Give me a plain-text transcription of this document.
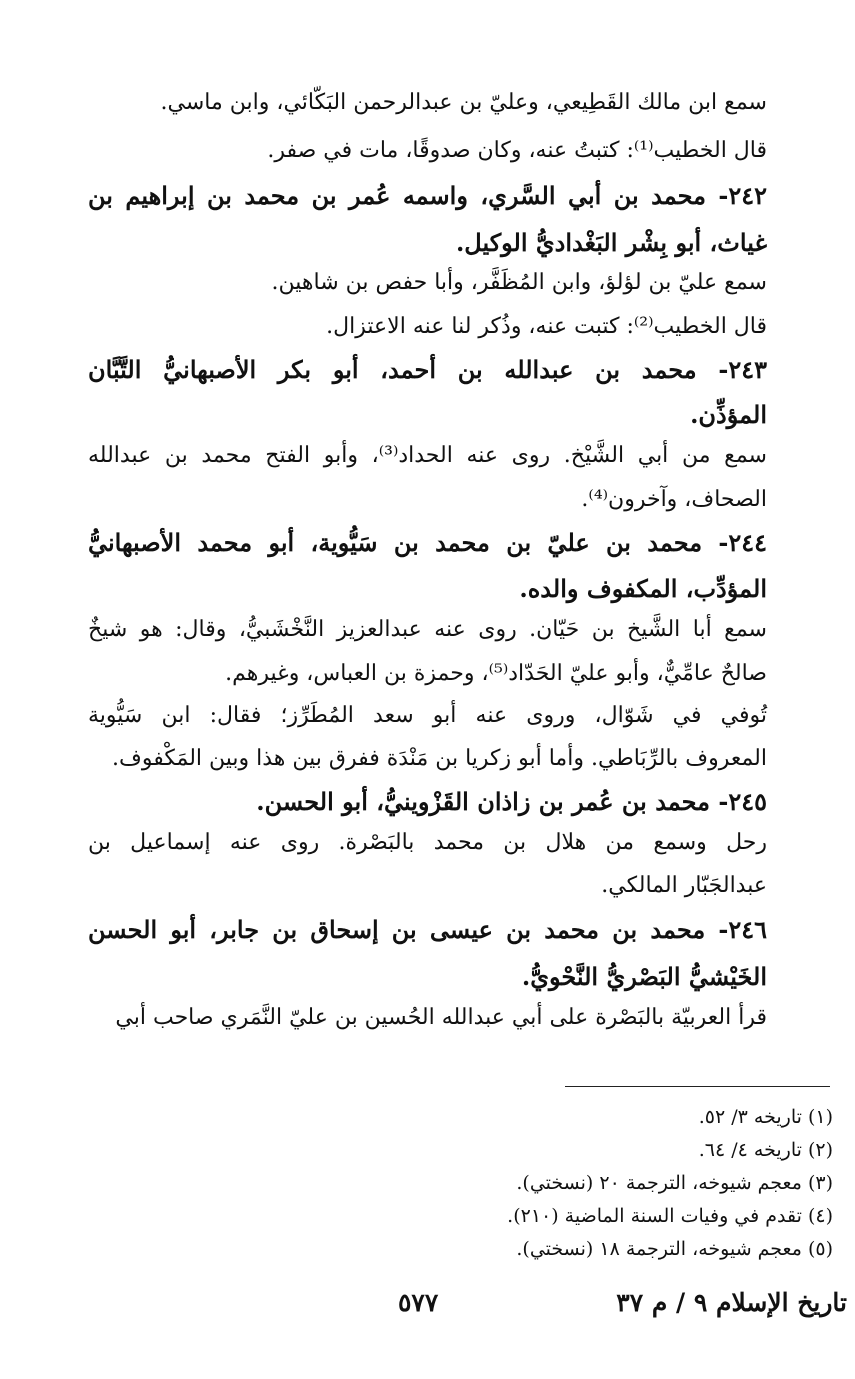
سمع ابن مالك القَطِيعي، وعليّ بن عبدالرحمن البَكّائي، وابن ماسي.
قال الخطيب⁽¹⁾: كتبتُ عنه، وكان صدوقًا، مات في صفر.
٢٤٢- محمد بن أبي السَّري، واسمه عُمر بن محمد بن إبراهيم بن
غياث، أبو بِشْر البَغْداديُّ الوكيل.
سمع عليّ بن لؤلؤ، وابن المُظَفَّر، وأبا حفص بن شاهين.
قال الخطيب⁽²⁾: كتبت عنه، وذُكر لنا عنه الاعتزال.
٢٤٣- محمد بن عبدالله بن أحمد، أبو بكر الأصبهانيُّ التَّبَّان
المؤذِّن.
سمع من أبي الشَّيْخ. روى عنه الحداد⁽³⁾، وأبو الفتح محمد بن عبدالله
الصحاف، وآخرون⁽⁴⁾.
٢٤٤- محمد بن عليّ بن محمد بن سَيُّوية، أبو محمد الأصبهانيُّ
المؤدِّب، المكفوف والده.
سمع أبا الشَّيخ بن حَيّان. روى عنه عبدالعزيز النَّخْشَبيُّ، وقال: هو شيخٌ
صالحٌ عامِّيٌّ، وأبو عليّ الحَدّاد⁽⁵⁾، وحمزة بن العباس، وغيرهم.
تُوفي في شَوّال، وروى عنه أبو سعد المُطَرِّز؛ فقال: ابن سَيُّوية
المعروف بالرِّبَاطي. وأما أبو زكريا بن مَنْدَة ففرق بين هذا وبين المَكْفوف.
٢٤٥- محمد بن عُمر بن زاذان القَزْوينيُّ، أبو الحسن.
رحل وسمع من هلال بن محمد بالبَصْرة. روى عنه إسماعيل بن
عبدالجَبّار المالكي.
٢٤٦- محمد بن محمد بن عيسى بن إسحاق بن جابر، أبو الحسن
الخَيْشيُّ البَصْريُّ النَّحْويُّ.
قرأ العربيّة بالبَصْرة على أبي عبدالله الحُسين بن عليّ النَّمَري صاحب أبي
(١) تاريخه ٣/ ٥٢.
(٢) تاريخه ٤/ ٦٤.
(٣) معجم شيوخه، الترجمة ٢٠ (نسختي).
(٤) تقدم في وفيات السنة الماضية (٢١٠).
(٥) معجم شيوخه، الترجمة ١٨ (نسختي).
تاريخ الإسلام ٩ / م ٣٧
٥٧٧
